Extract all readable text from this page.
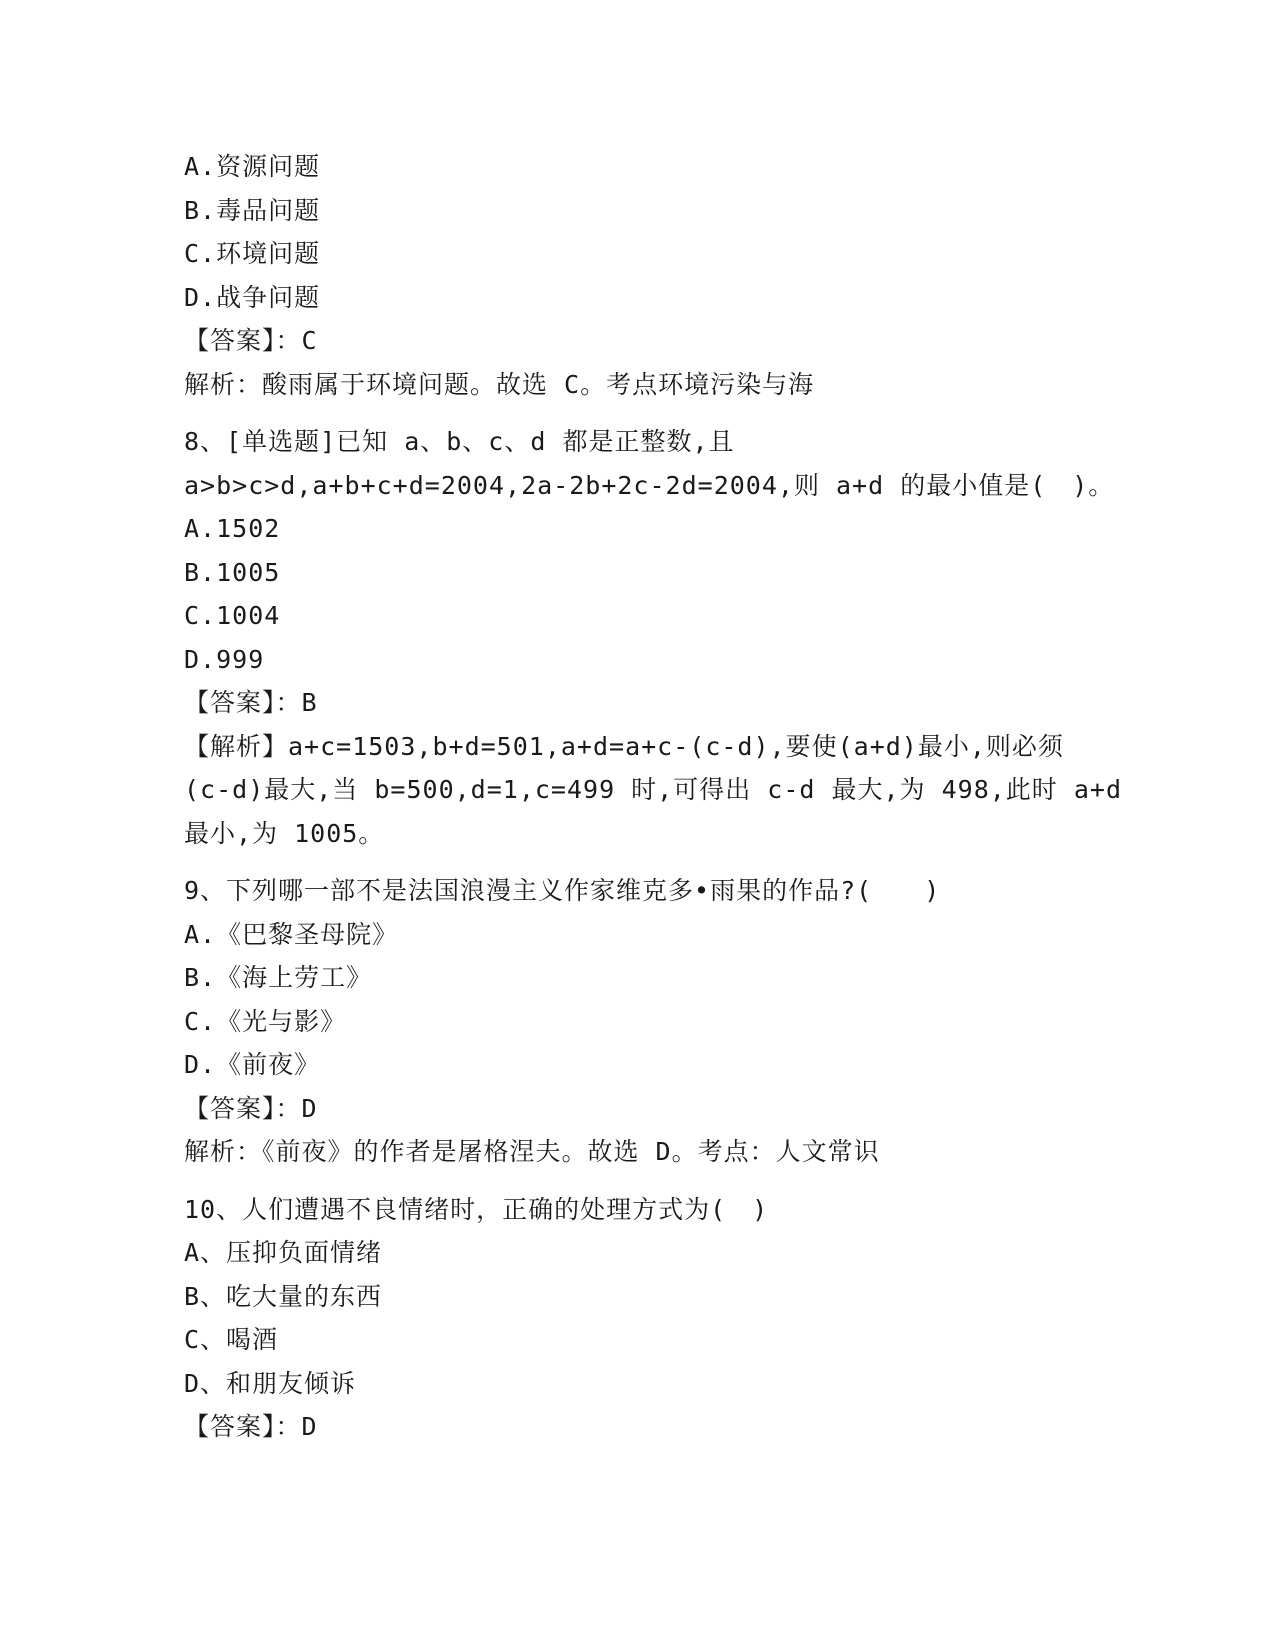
A.资源问题
B.毒品问题
C.环境问题
D.战争问题
【答案】：C
解析：酸雨属于环境问题。故选 C。考点环境污染与海
8、[单选题]已知 a、b、c、d 都是正整数,且
a>b>c>d,a+b+c+d=2004,2a-2b+2c-2d=2004,则 a+d 的最小值是(　)。
A.1502
B.1005
C.1004
D.999
【答案】：B
【解析】a+c=1503,b+d=501,a+d=a+c-(c-d),要使(a+d)最小,则必须
(c-d)最大,当 b=500,d=1,c=499 时,可得出 c-d 最大,为 498,此时 a+d
最小,为 1005。
9、下列哪一部不是法国浪漫主义作家维克多•雨果的作品?(　　)
A.《巴黎圣母院》
B.《海上劳工》
C.《光与影》
D.《前夜》
【答案】：D
解析：《前夜》的作者是屠格涅夫。故选 D。考点：人文常识
10、人们遭遇不良情绪时，正确的处理方式为(　)
A、压抑负面情绪
B、吃大量的东西
C、喝酒
D、和朋友倾诉
【答案】：D
